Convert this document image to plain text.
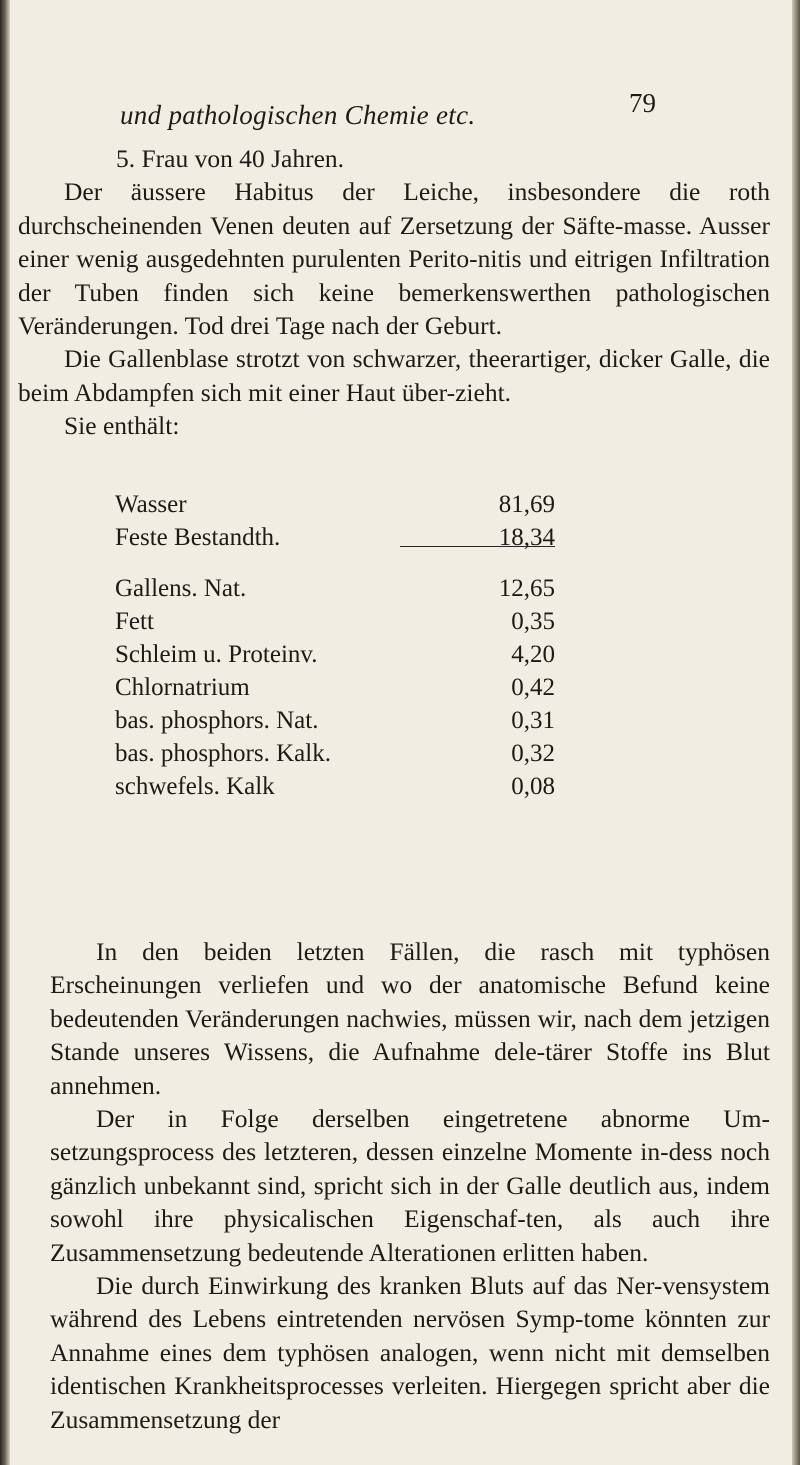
und pathologischen Chemie etc.	79

5. Frau von 40 Jahren.

Der äussere Habitus der Leiche, insbesondere die roth durchscheinenden Venen deuten auf Zersetzung der Säfte-masse. Ausser einer wenig ausgedehnten purulenten Perito-nitis und eitrigen Infiltration der Tuben finden sich keine bemerkenswerthen pathologischen Veränderungen. Tod drei Tage nach der Geburt.

Die Gallenblase strotzt von schwarzer, theerartiger, dicker Galle, die beim Abdampfen sich mit einer Haut über-zieht.

Sie enthält:

Wasser	81,69
Feste Bestandth.	18,34
Gallens. Nat.	12,65
Fett	0,35
Schleim u. Proteinv.	4,20
Chlornatrium	0,42
bas. phosphors. Nat.	0,31
bas. phosphors. Kalk.	0,32
schwefels. Kalk	0,08

In den beiden letzten Fällen, die rasch mit typhösen Erscheinungen verliefen und wo der anatomische Befund keine bedeutenden Veränderungen nachwies, müssen wir, nach dem jetzigen Stande unseres Wissens, die Aufnahme dele-tärer Stoffe ins Blut annehmen.

Der in Folge derselben eingetretene abnorme Um-setzungsprocess des letzteren, dessen einzelne Momente in-dess noch gänzlich unbekannt sind, spricht sich in der Galle deutlich aus, indem sowohl ihre physicalischen Eigenschaf-ten, als auch ihre Zusammensetzung bedeutende Alterationen erlitten haben.

Die durch Einwirkung des kranken Bluts auf das Ner-vensystem während des Lebens eintretenden nervösen Symp-tome könnten zur Annahme eines dem typhösen analogen, wenn nicht mit demselben identischen Krankheitsprocesses verleiten. Hiergegen spricht aber die Zusammensetzung der
